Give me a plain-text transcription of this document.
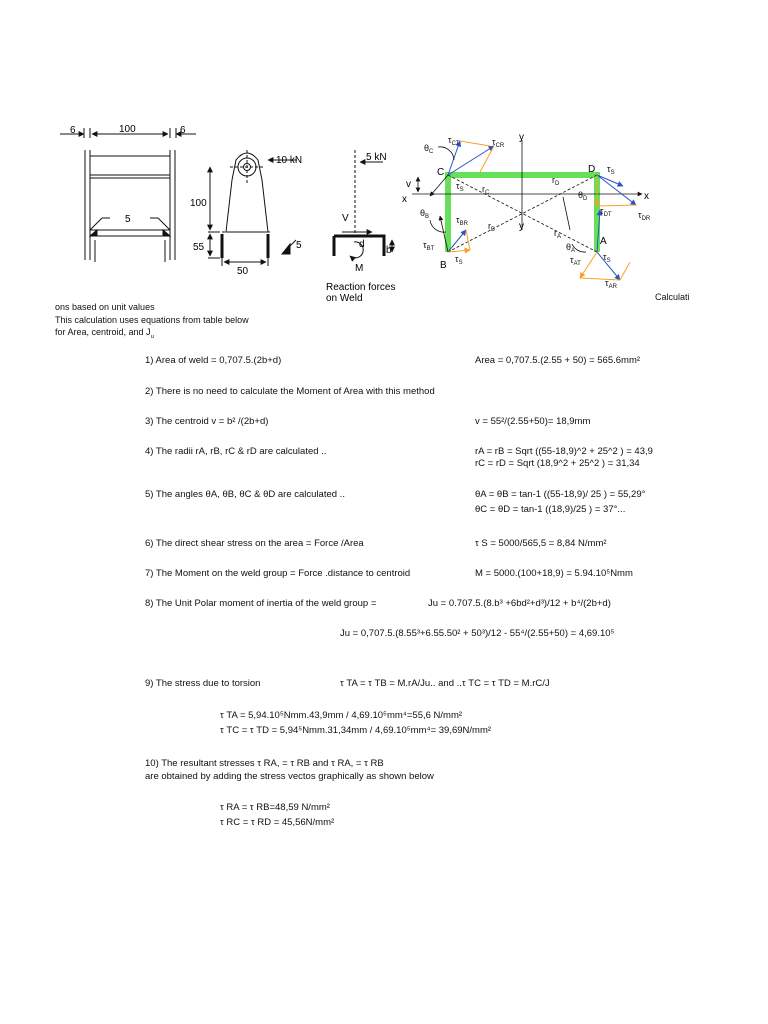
6	100	6
5
10 kN
100
55	5
50
5 kN
V
d
b
M
Reaction forces
on Weld
y
y
x	x
v
C	D
B
A
$\theta_C$
$\tau_{CT}$	$\tau_{CR}$
$\tau_S$ $r_C$
$r_D$
$\theta_D$
$\tau_S$
$\tau_{DT}$	$\tau_{DR}$
$\theta_B$	$\tau_{BR}$ $r_B$
$\tau_{BT}$
$\tau_S$
$r_A$
$\theta_A$
$\tau_{AT}$
$\tau_S$
$\tau_{AR}$
Calculati
ons based on unit values
This calculation uses equations from table below
for Area, centroid, and $J_u$
1) Area of weld = 0,707.5.(2b+d)	Area = 0,707.5.(2.55 + 50) = 565.6mm²
2) There is no need to calculate the Moment of Area with this method
3) The centroid v = b² /(2b+d)	v = 55²/(2.55+50)= 18,9mm
4) The radii rA, rB, rC & rD are calculated ..	rA = rB = Sqrt ((55-18,9)^2 + 25^2 ) = 43,9
rC = rD = Sqrt (18,9^2 + 25^2 ) = 31,34
5) The angles θA, θB, θC & θD are calculated ..	θA = θB = tan-1 ((55-18,9)/ 25 ) = 55,29°
θC = θD = tan-1 ((18,9)/25 ) = 37°...
6) The direct shear stress on the area = Force /Area	τ S = 5000/565,5 = 8,84 N/mm²
7) The Moment on the weld group = Force .distance to centroid	M = 5000.(100+18,9) = 5.94.10⁵Nmm
8) The Unit Polar moment of inertia of the weld group =	Ju = 0.707.5.(8.b³ +6bd²+d³)/12 + b⁴/(2b+d)
Ju = 0,707.5.(8.55³+6.55.50² + 50³)/12 - 55⁴/(2.55+50) = 4,69.10⁵
9) The stress due to torsion	τ TA = τ TB = M.rA/Ju.. and ..τ TC = τ TD = M.rC/J
τ TA = 5,94.10⁵Nmm.43,9mm / 4,69.10⁵mm⁴=55,6 N/mm²
τ TC = τ TD = 5,94⁵Nmm.31,34mm / 4,69.10⁵mm⁴= 39,69N/mm²
10) The resultant stresses τ RA, = τ RB and τ RA, = τ RB
are obtained by adding the stress vectos graphically as shown below
τ RA = τ RB=48,59 N/mm²
τ RC = τ RD = 45,56N/mm²
